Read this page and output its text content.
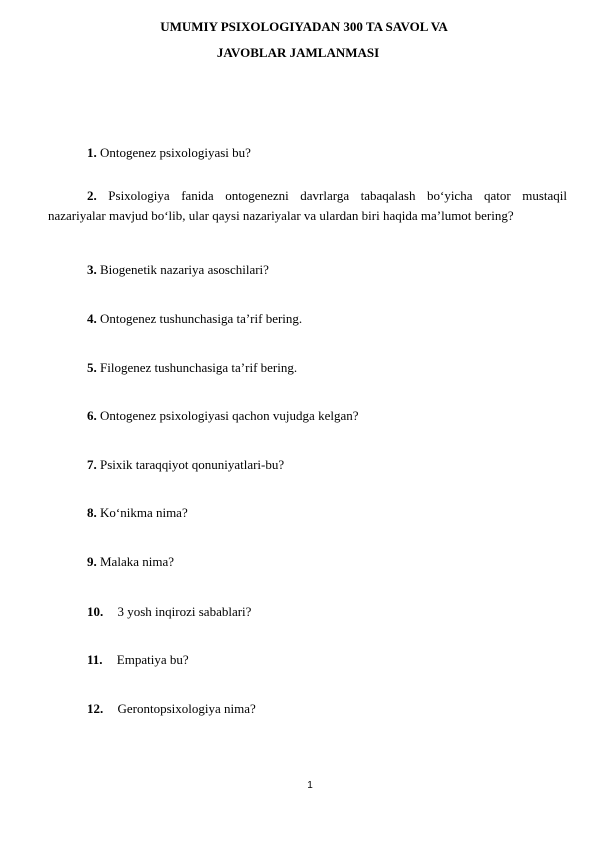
UMUMIY PSIXOLOGIYADAN 300 TA SAVOL VA
JAVOBLAR JAMLANMASI
1. Ontogenez psixologiyasi bu?
2. Psixologiya fanida ontogenezni davrlarga tabaqalash bo‘yicha qator mustaqil
nazariyalar mavjud bo‘lib, ular qaysi nazariyalar va ulardan biri haqida ma’lumot bering?
3. Biogenetik nazariya asoschilari?
4. Ontogenez tushunchasiga ta’rif bering.
5. Filogenez tushunchasiga ta’rif bering.
6. Ontogenez psixologiyasi qachon vujudga kelgan?
7. Psixik taraqqiyot qonuniyatlari-bu?
8. Ko‘nikma nima?
9. Malaka nima?
10. 3 yosh inqirozi sabablari?
11. Empatiya bu?
12. Gerontopsixologiya nima?
1
